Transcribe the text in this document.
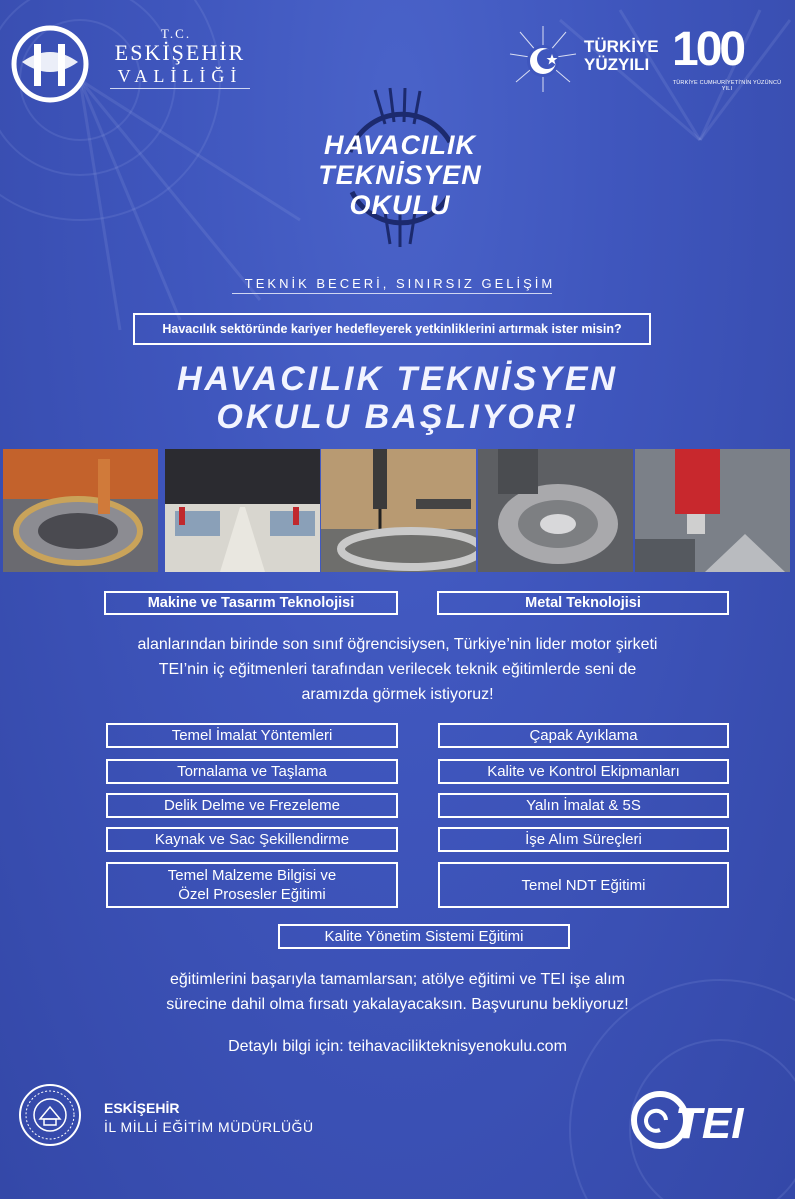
T.C.
ESKİŞEHİR
VALİLİĞİ
TÜRKİYE
YÜZYILI 100
TÜRKİYE CUMHURİYETİ'NİN YÜZÜNCÜ YILI
HAVACILIK
TEKNİSYEN
OKULU
TEKNİK BECERİ, SINIRSIZ GELİŞİM
Havacılık sektöründe kariyer hedefleyerek yetkinliklerini artırmak ister misin?
HAVACILIK TEKNİSYEN
OKULU BAŞLIYOR!
Makine ve Tasarım Teknolojisi	Metal Teknolojisi
alanlarından birinde son sınıf öğrencisiysen, Türkiye’nin lider motor şirketi
TEI’nin iç eğitmenleri tarafından verilecek teknik eğitimlerde seni de
aramızda görmek istiyoruz!
Temel İmalat Yöntemleri
Tornalama ve Taşlama
Delik Delme ve Frezeleme
Kaynak ve Sac Şekillendirme
Temel Malzeme Bilgisi ve
Özel Prosesler Eğitimi
Çapak Ayıklama
Kalite ve Kontrol Ekipmanları
Yalın İmalat & 5S
İşe Alım Süreçleri
Temel NDT Eğitimi
Kalite Yönetim Sistemi Eğitimi
eğitimlerini başarıyla tamamlarsan; atölye eğitimi ve TEI işe alım
sürecine dahil olma fırsatı yakalayacaksın. Başvurunu bekliyoruz!
Detaylı bilgi için: teihavacilikteknisyenokulu.com
ESKİŞEHİR
İL MİLLİ EĞİTİM MÜDÜRLÜĞÜ	TEI
